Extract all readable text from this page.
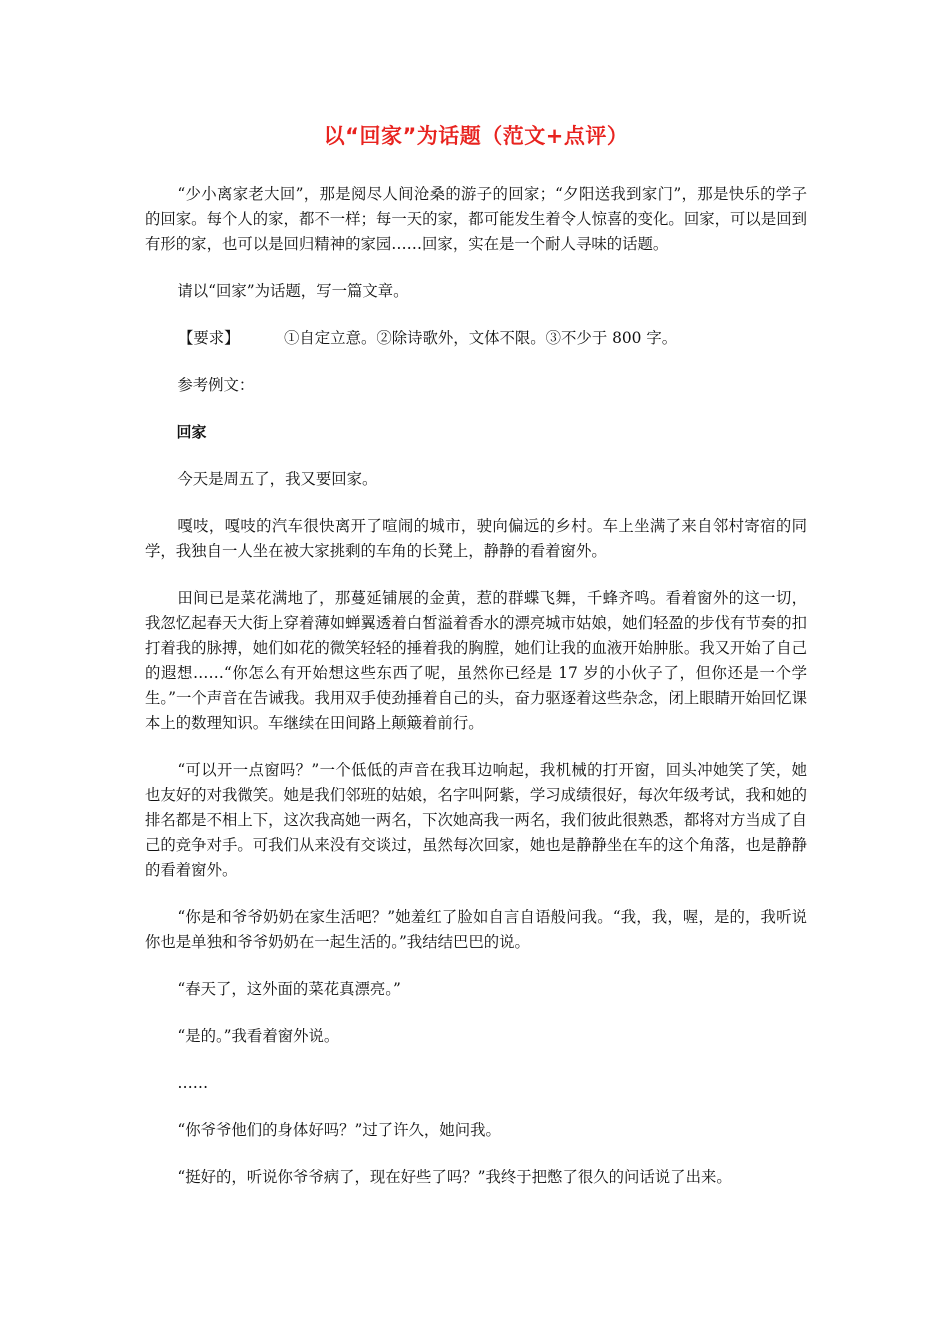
以“回家”为话题（范文+点评）

“少小离家老大回”，那是阅尽人间沧桑的游子的回家；“夕阳送我到家门”，那是快乐的学子的回家。每个人的家，都不一样；每一天的家，都可能发生着令人惊喜的变化。回家，可以是回到有形的家，也可以是回归精神的家园……回家，实在是一个耐人寻味的话题。

请以“回家”为话题，写一篇文章。

【要求】	①自定立意。②除诗歌外，文体不限。③不少于 800 字。

参考例文：

回家

今天是周五了，我又要回家。

嘎吱，嘎吱的汽车很快离开了喧闹的城市，驶向偏远的乡村。车上坐满了来自邻村寄宿的同学，我独自一人坐在被大家挑剩的车角的长凳上，静静的看着窗外。

田间已是菜花满地了，那蔓延铺展的金黄，惹的群蝶飞舞，千蜂齐鸣。看着窗外的这一切，我忽忆起春天大街上穿着薄如蝉翼透着白皙溢着香水的漂亮城市姑娘，她们轻盈的步伐有节奏的扣打着我的脉搏，她们如花的微笑轻轻的捶着我的胸膛，她们让我的血液开始肿胀。我又开始了自己的遐想……“你怎么有开始想这些东西了呢，虽然你已经是 17 岁的小伙子了，但你还是一个学生。”一个声音在告诫我。我用双手使劲捶着自己的头，奋力驱逐着这些杂念，闭上眼睛开始回忆课本上的数理知识。车继续在田间路上颠簸着前行。

“可以开一点窗吗？”一个低低的声音在我耳边响起，我机械的打开窗，回头冲她笑了笑，她也友好的对我微笑。她是我们邻班的姑娘，名字叫阿紫，学习成绩很好，每次年级考试，我和她的排名都是不相上下，这次我高她一两名，下次她高我一两名，我们彼此很熟悉，都将对方当成了自己的竞争对手。可我们从来没有交谈过，虽然每次回家，她也是静静坐在车的这个角落，也是静静的看着窗外。

“你是和爷爷奶奶在家生活吧？”她羞红了脸如自言自语般问我。“我，我，喔，是的，我听说你也是单独和爷爷奶奶在一起生活的。”我结结巴巴的说。

“春天了，这外面的菜花真漂亮。”

“是的。”我看着窗外说。

……

“你爷爷他们的身体好吗？”过了许久，她问我。

“挺好的，听说你爷爷病了，现在好些了吗？”我终于把憋了很久的问话说了出来。
